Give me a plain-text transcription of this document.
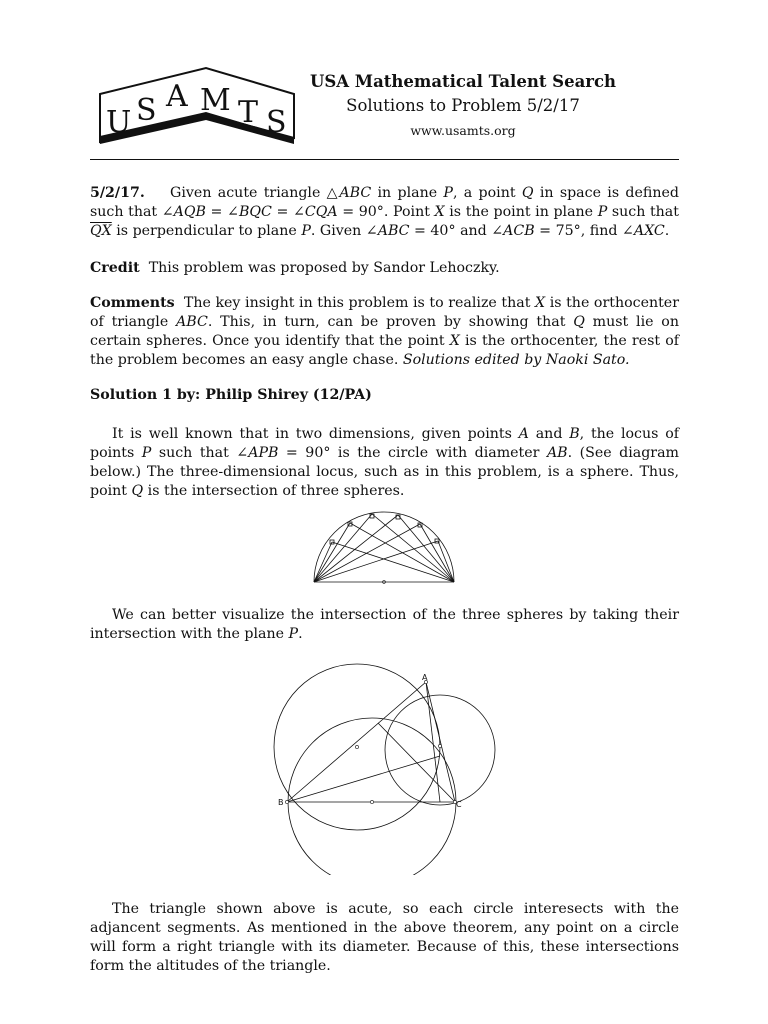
U S A M T S
USA Mathematical Talent Search
Solutions to Problem 5/2/17
www.usamts.org
5/2/17. Given acute triangle △ABC in plane P, a point Q in space is defined such that ∠AQB = ∠BQC = ∠CQA = 90°. Point X is the point in plane P such that $\overline{QX}$ is perpendicular to plane P. Given ∠ABC = 40° and ∠ACB = 75°, find ∠AXC.
Credit This problem was proposed by Sandor Lehoczky.
Comments The key insight in this problem is to realize that X is the orthocenter of triangle ABC. This, in turn, can be proven by showing that Q must lie on certain spheres. Once you identify that the point X is the orthocenter, the rest of the problem becomes an easy angle chase. Solutions edited by Naoki Sato.
Solution 1 by: Philip Shirey (12/PA)
It is well known that in two dimensions, given points A and B, the locus of points P such that ∠APB = 90° is the circle with diameter AB. (See diagram below.) The three-dimensional locus, such as in this problem, is a sphere. Thus, point Q is the intersection of three spheres.
We can better visualize the intersection of the three spheres by taking their intersection with the plane P.
A
B	C
The triangle shown above is acute, so each circle interesects with the adjancent segments. As mentioned in the above theorem, any point on a circle will form a right triangle with its diameter. Because of this, these intersections form the altitudes of the triangle.
